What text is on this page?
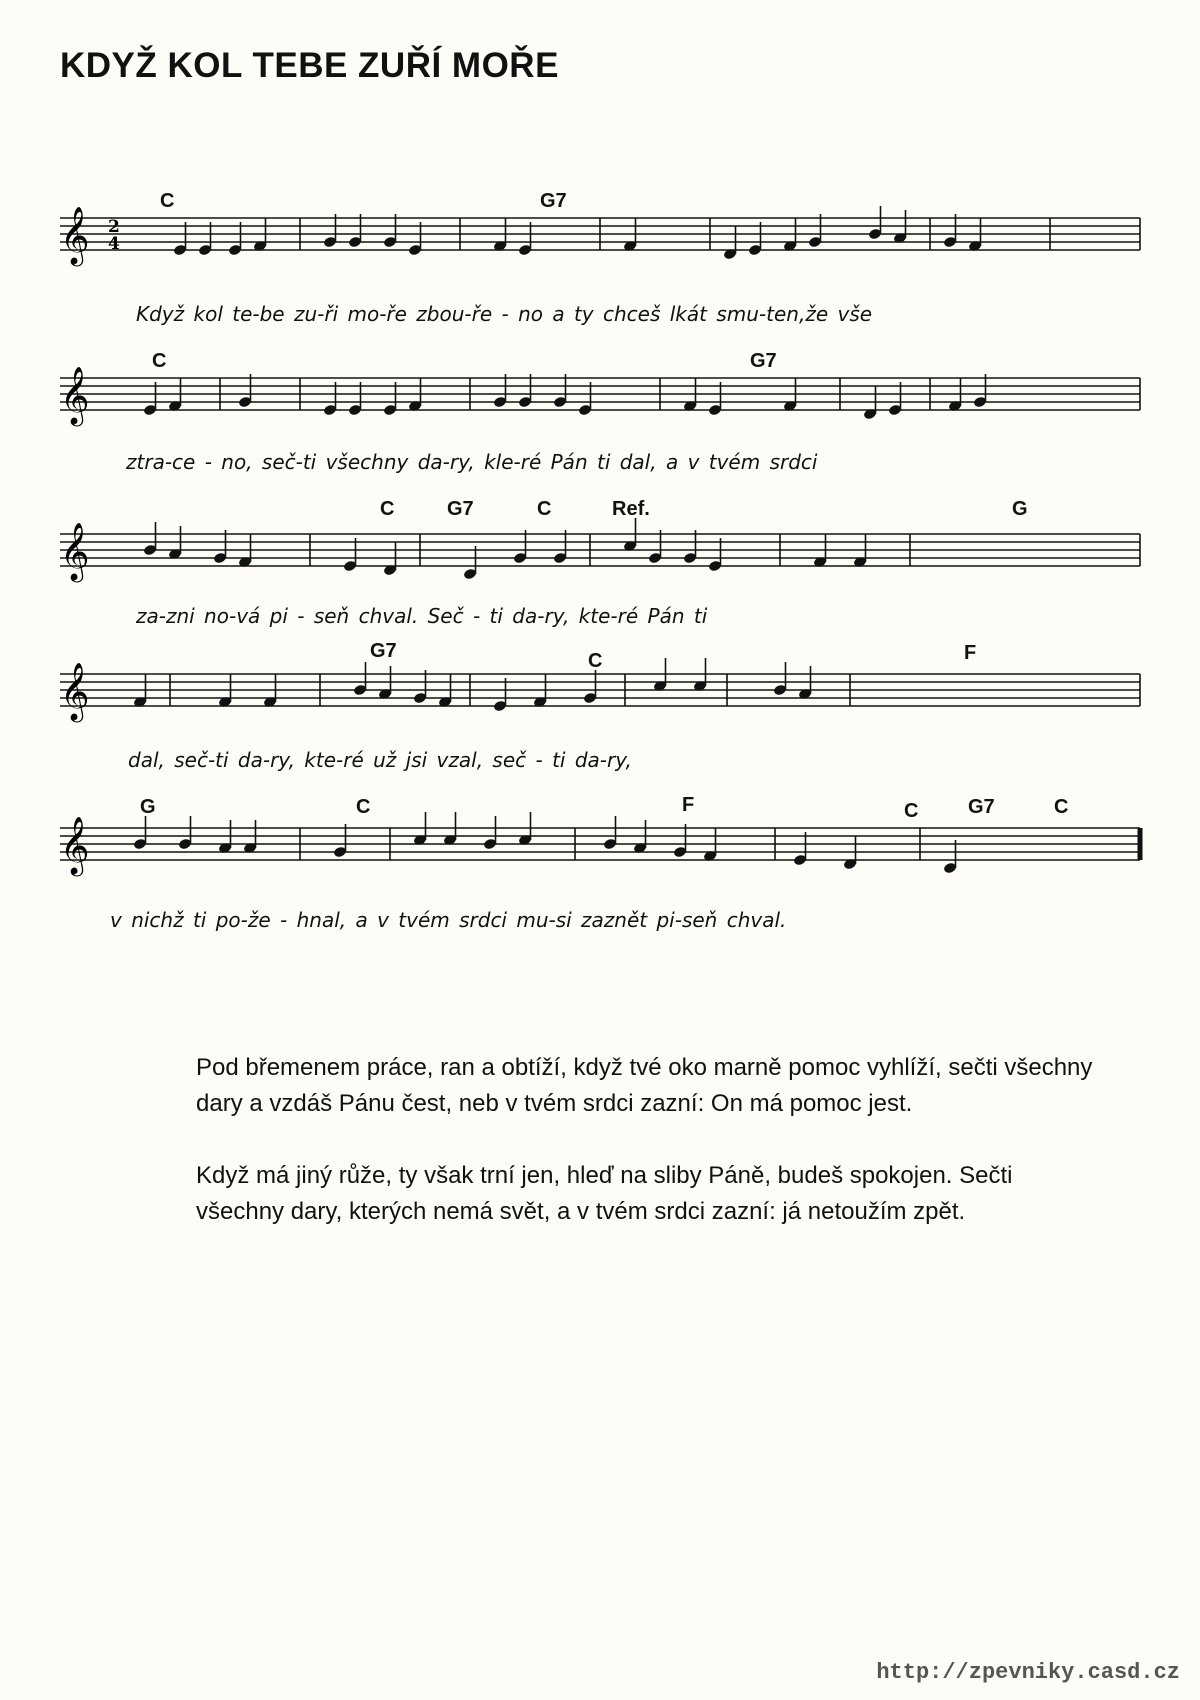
KDYŽ KOL TEBE ZUŘÍ MOŘE
𝄞 2
4
C	G7
Když kol te-be zu-ři mo-ře zbou-ře - no a ty chceš lkát smu-ten,že vše
𝄞
C	G7
ztra-ce - no, seč-ti všechny da-ry, kle-ré Pán ti dal, a v tvém srdci
𝄞
C	G7	C	Ref.	G
za-zni no-vá pi - seň chval. Seč - ti da-ry, kte-ré Pán ti
𝄞
G7	C	F
dal, seč-ti da-ry, kte-ré už jsi vzal, seč - ti da-ry,
𝄞
G	C	F	C G7	C
v nichž ti po-že - hnal, a v tvém srdci mu-si zaznět pi-seň chval.

Pod břemenem práce, ran a obtíží, když tvé oko marně pomoc vyhlíží, sečti všechny dary a vzdáš Pánu čest, neb v tvém srdci zazní: On má pomoc jest.

Když má jiný růže, ty však trní jen, hleď na sliby Páně, budeš spokojen. Sečti všechny dary, kterých nemá svět, a v tvém srdci zazní: já netoužím zpět.

http://zpevniky.casd.cz
